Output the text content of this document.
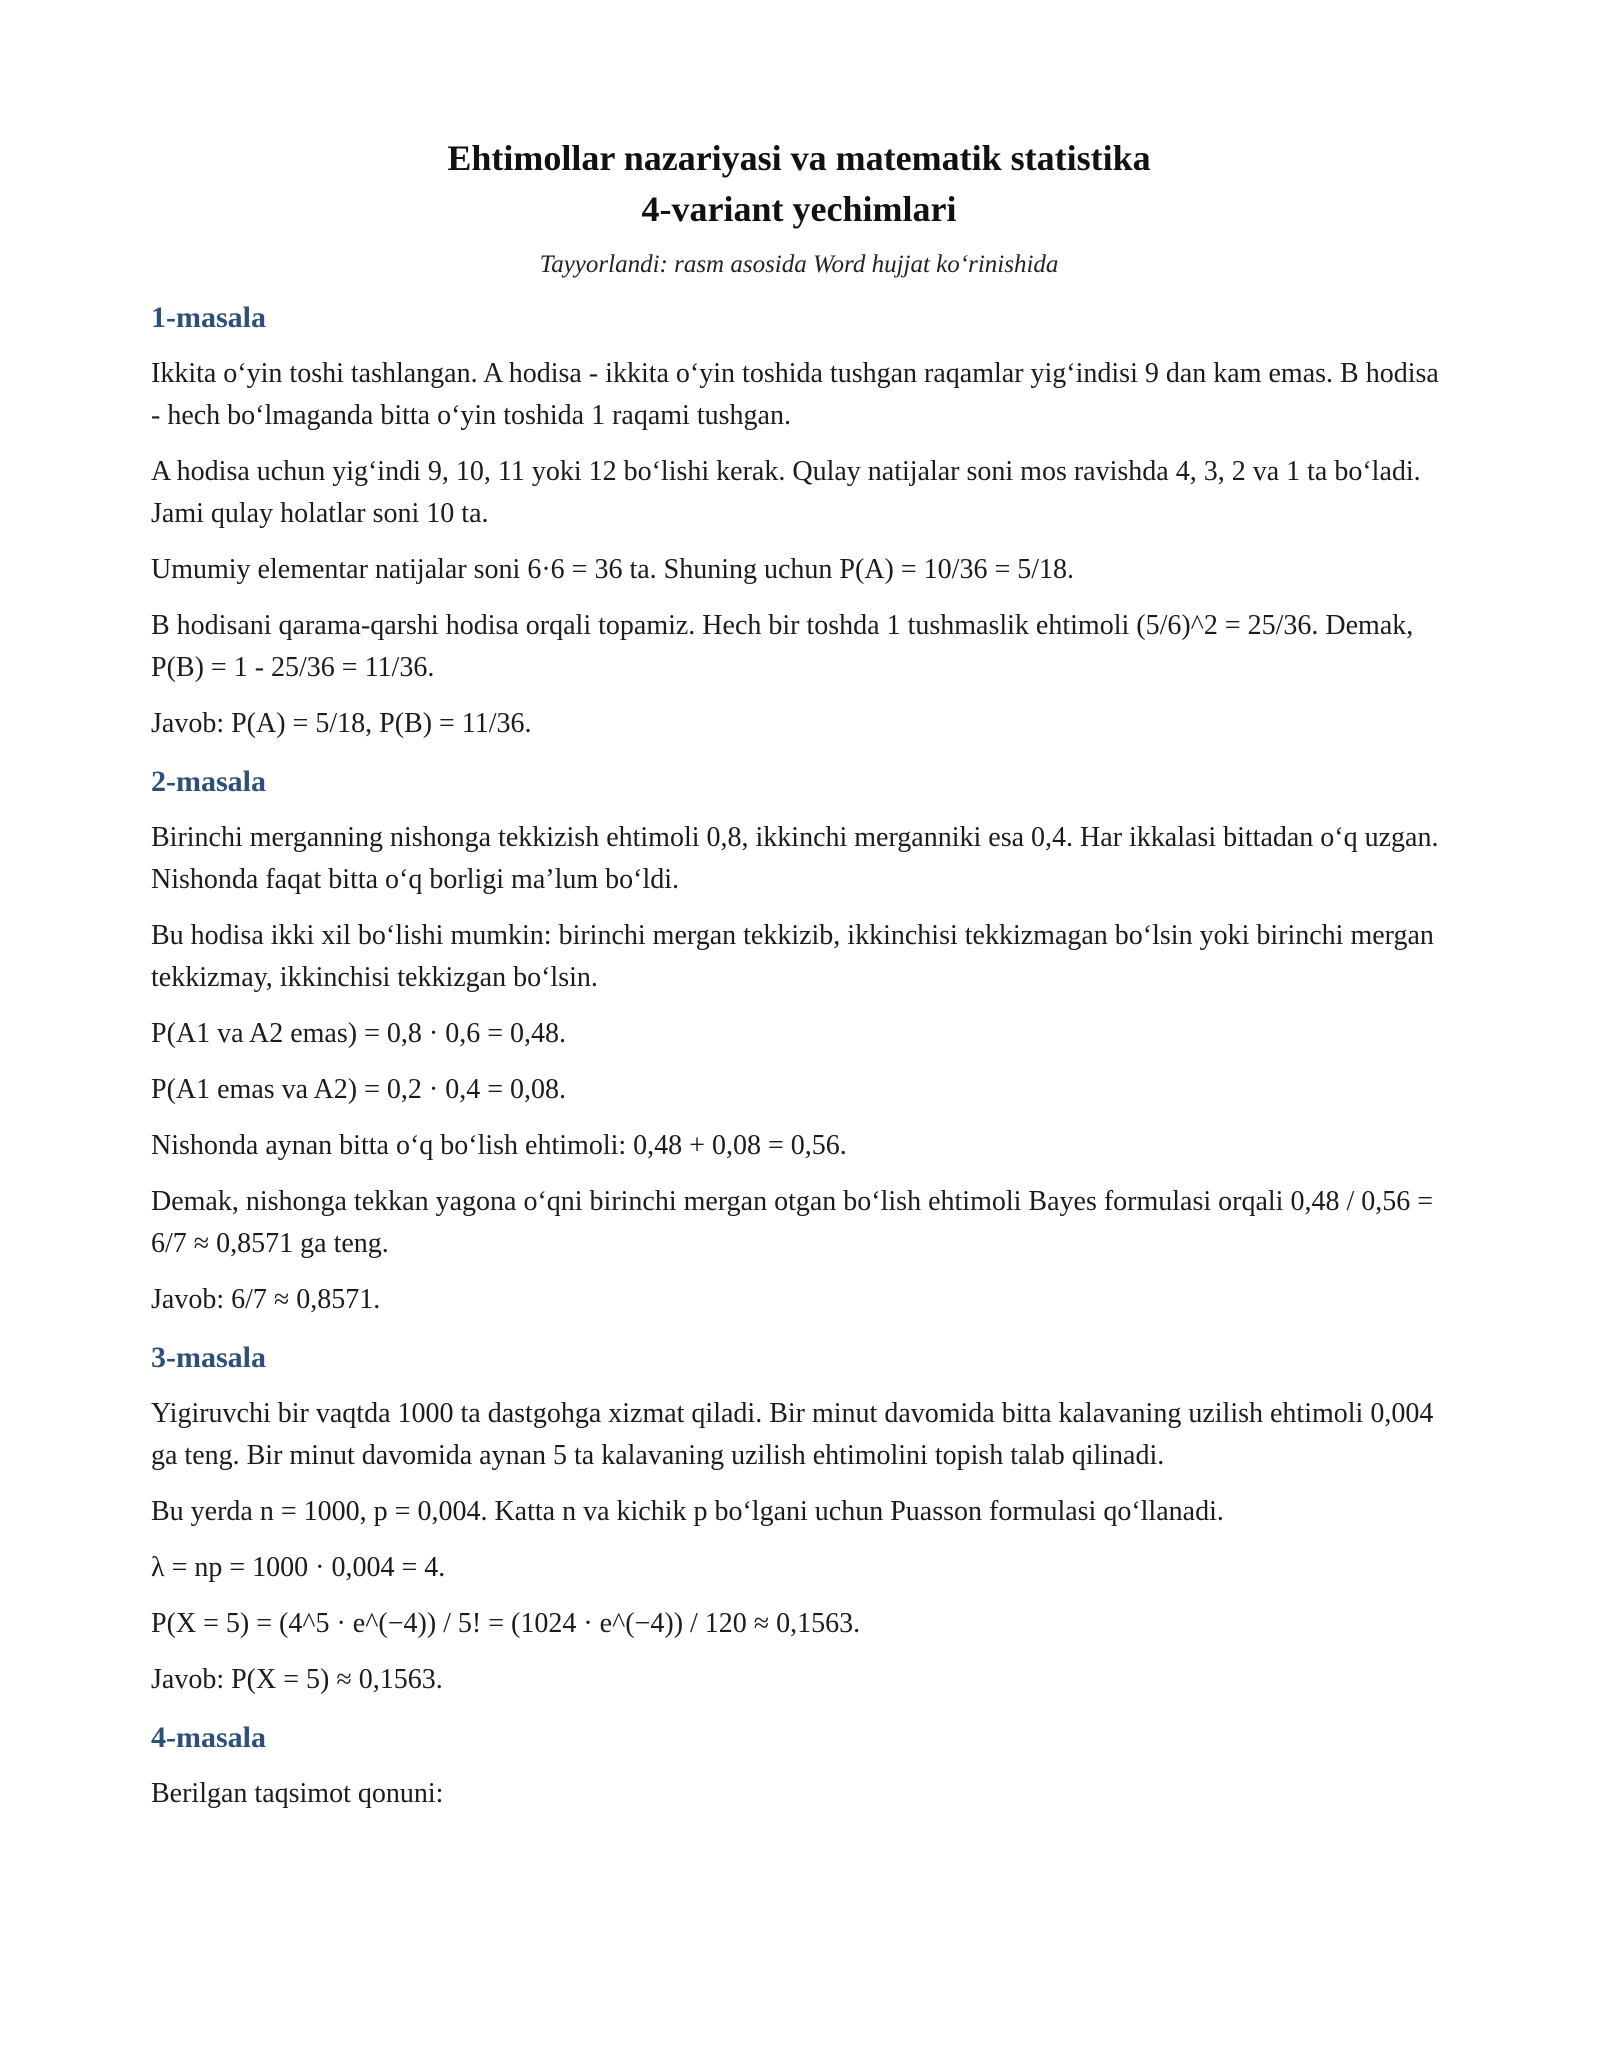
Ehtimollar nazariyasi va matematik statistika
4-variant yechimlari
Tayyorlandi: rasm asosida Word hujjat ko‘rinishida
1-masala

Ikkita o‘yin toshi tashlangan. A hodisa - ikkita o‘yin toshida tushgan raqamlar yig‘indisi 9 dan kam emas. B hodisa - hech bo‘lmaganda bitta o‘yin toshida 1 raqami tushgan.

A hodisa uchun yig‘indi 9, 10, 11 yoki 12 bo‘lishi kerak. Qulay natijalar soni mos ravishda 4, 3, 2 va 1 ta bo‘ladi. Jami qulay holatlar soni 10 ta.

Umumiy elementar natijalar soni 6·6 = 36 ta. Shuning uchun P(A) = 10/36 = 5/18.

B hodisani qarama-qarshi hodisa orqali topamiz. Hech bir toshda 1 tushmaslik ehtimoli (5/6)^2 = 25/36. Demak, P(B) = 1 - 25/36 = 11/36.

Javob: P(A) = 5/18, P(B) = 11/36.

2-masala

Birinchi merganning nishonga tekkizish ehtimoli 0,8, ikkinchi merganniki esa 0,4. Har ikkalasi bittadan o‘q uzgan. Nishonda faqat bitta o‘q borligi ma’lum bo‘ldi.

Bu hodisa ikki xil bo‘lishi mumkin: birinchi mergan tekkizib, ikkinchisi tekkizmagan bo‘lsin yoki birinchi mergan tekkizmay, ikkinchisi tekkizgan bo‘lsin.

P(A1 va A2 emas) = 0,8 · 0,6 = 0,48.

P(A1 emas va A2) = 0,2 · 0,4 = 0,08.

Nishonda aynan bitta o‘q bo‘lish ehtimoli: 0,48 + 0,08 = 0,56.

Demak, nishonga tekkan yagona o‘qni birinchi mergan otgan bo‘lish ehtimoli Bayes formulasi orqali 0,48 / 0,56 = 6/7 ≈ 0,8571 ga teng.

Javob: 6/7 ≈ 0,8571.

3-masala

Yigiruvchi bir vaqtda 1000 ta dastgohga xizmat qiladi. Bir minut davomida bitta kalavaning uzilish ehtimoli 0,004 ga teng. Bir minut davomida aynan 5 ta kalavaning uzilish ehtimolini topish talab qilinadi.

Bu yerda n = 1000, p = 0,004. Katta n va kichik p bo‘lgani uchun Puasson formulasi qo‘llanadi.

λ = np = 1000 · 0,004 = 4.

P(X = 5) = (4^5 · e^(−4)) / 5! = (1024 · e^(−4)) / 120 ≈ 0,1563.

Javob: P(X = 5) ≈ 0,1563.

4-masala

Berilgan taqsimot qonuni:
